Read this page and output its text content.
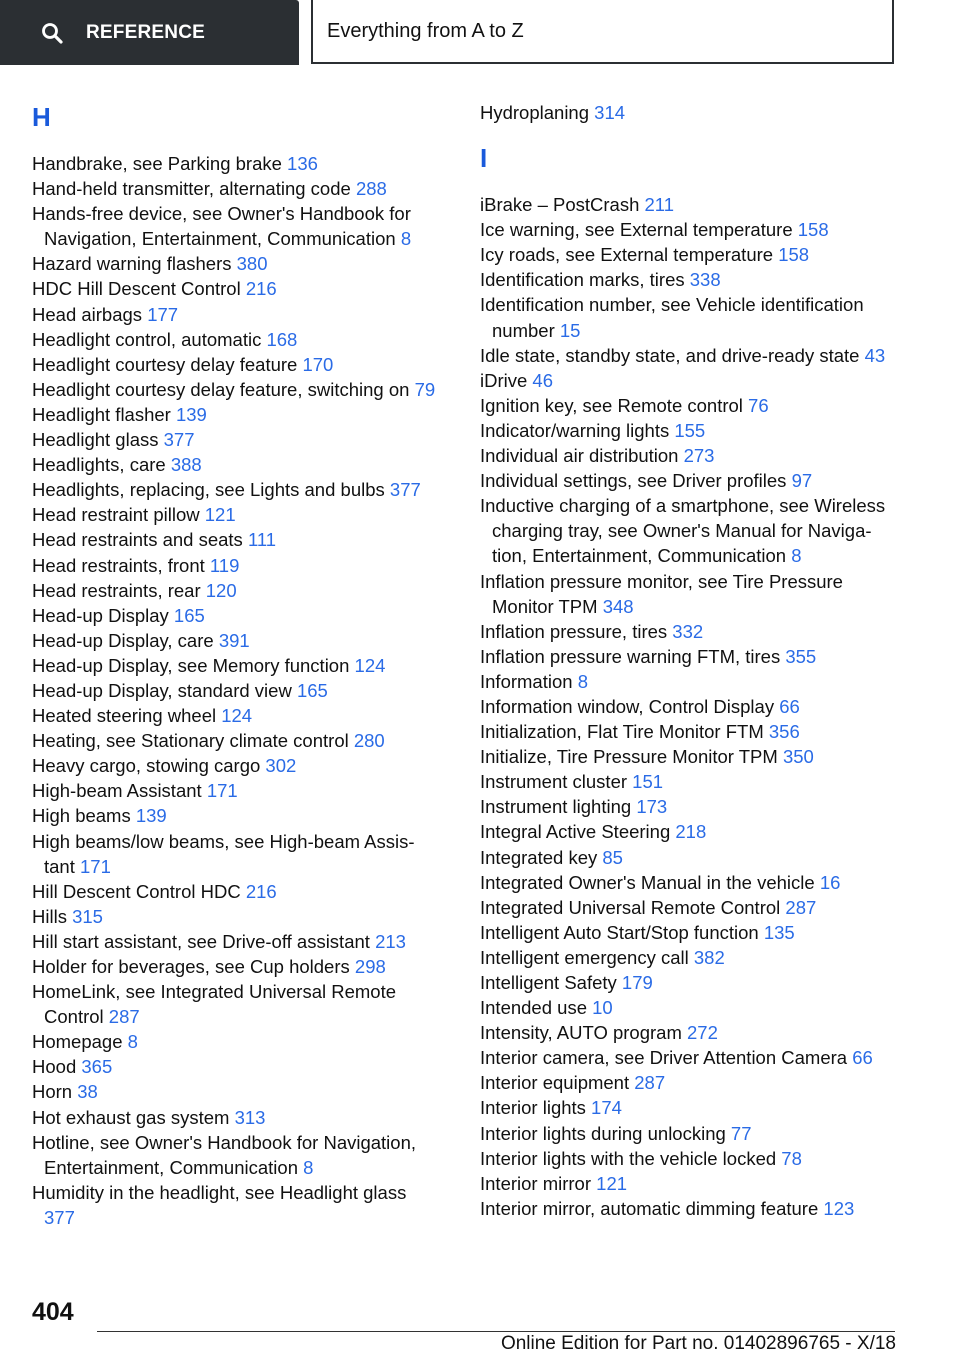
REFERENCE	Everything from A to Z
H
Handbrake, see Parking brake 136
Hand-held transmitter, alternating code 288
Hands-free device, see Owner's Handbook for Navigation, Entertainment, Communication 8
Hazard warning flashers 380
HDC Hill Descent Control 216
Head airbags 177
Headlight control, automatic 168
Headlight courtesy delay feature 170
Headlight courtesy delay feature, switching on 79
Headlight flasher 139
Headlight glass 377
Headlights, care 388
Headlights, replacing, see Lights and bulbs 377
Head restraint pillow 121
Head restraints and seats 111
Head restraints, front 119
Head restraints, rear 120
Head-up Display 165
Head-up Display, care 391
Head-up Display, see Memory function 124
Head-up Display, standard view 165
Heated steering wheel 124
Heating, see Stationary climate control 280
Heavy cargo, stowing cargo 302
High-beam Assistant 171
High beams 139
High beams/low beams, see High-beam Assis-tant 171
Hill Descent Control HDC 216
Hills 315
Hill start assistant, see Drive-off assistant 213
Holder for beverages, see Cup holders 298
HomeLink, see Integrated Universal Remote Control 287
Homepage 8
Hood 365
Horn 38
Hot exhaust gas system 313
Hotline, see Owner's Handbook for Navigation, Entertainment, Communication 8
Humidity in the headlight, see Headlight glass 377
Hydroplaning 314
I
iBrake – PostCrash 211
Ice warning, see External temperature 158
Icy roads, see External temperature 158
Identification marks, tires 338
Identification number, see Vehicle identification number 15
Idle state, standby state, and drive-ready state 43
iDrive 46
Ignition key, see Remote control 76
Indicator/warning lights 155
Individual air distribution 273
Individual settings, see Driver profiles 97
Inductive charging of a smartphone, see Wireless charging tray, see Owner's Manual for Naviga-tion, Entertainment, Communication 8
Inflation pressure monitor, see Tire Pressure Monitor TPM 348
Inflation pressure, tires 332
Inflation pressure warning FTM, tires 355
Information 8
Information window, Control Display 66
Initialization, Flat Tire Monitor FTM 356
Initialize, Tire Pressure Monitor TPM 350
Instrument cluster 151
Instrument lighting 173
Integral Active Steering 218
Integrated key 85
Integrated Owner's Manual in the vehicle 16
Integrated Universal Remote Control 287
Intelligent Auto Start/Stop function 135
Intelligent emergency call 382
Intelligent Safety 179
Intended use 10
Intensity, AUTO program 272
Interior camera, see Driver Attention Camera 66
Interior equipment 287
Interior lights 174
Interior lights during unlocking 77
Interior lights with the vehicle locked 78
Interior mirror 121
Interior mirror, automatic dimming feature 123
404
Online Edition for Part no. 01402896765 - X/18
